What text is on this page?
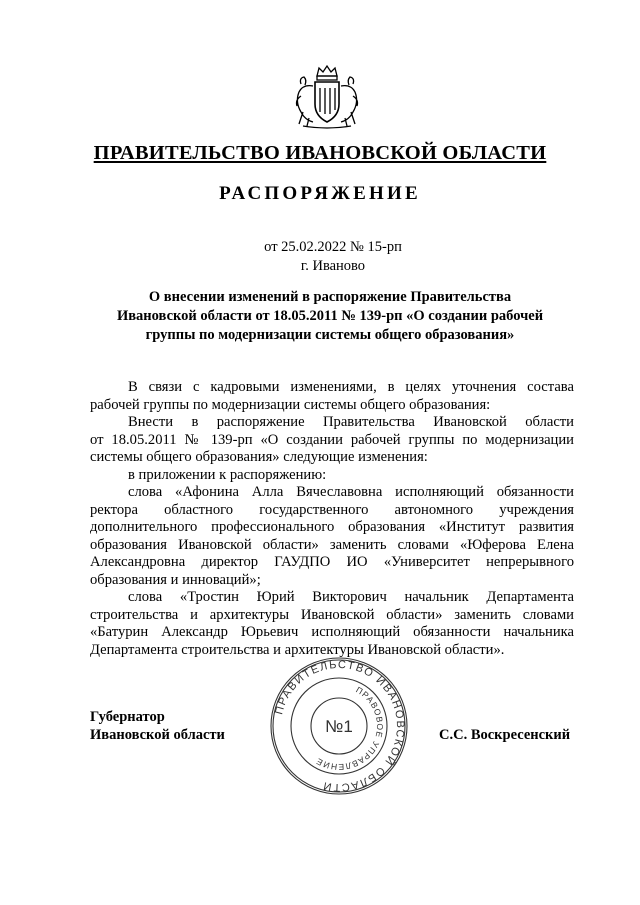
ПРАВИТЕЛЬСТВО ИВАНОВСКОЙ ОБЛАСТИ
РАСПОРЯЖЕНИЕ
от 25.02.2022 № 15-рп
г. Иваново
О внесении изменений в распоряжение Правительства
Ивановской области от 18.05.2011 № 139-рп «О создании рабочей
группы по модернизации системы общего образования»
В связи с кадровыми изменениями, в целях уточнения состава
рабочей группы по модернизации системы общего образования:
Внести в распоряжение Правительства Ивановской области
от 18.05.2011 № 139-рп «О создании рабочей группы по модернизации
системы общего образования» следующие изменения:
в приложении к распоряжению:
слова «Афонина Алла Вячеславовна исполняющий обязанности
ректора областного государственного автономного учреждения
дополнительного профессионального образования «Институт развития
образования Ивановской области» заменить словами «Юферова Елена
Александровна директор ГАУДПО ИО «Университет непрерывного
образования и инноваций»;
слова «Тростин Юрий Викторович начальник Департамента
строительства и архитектуры Ивановской области» заменить словами
«Батурин Александр Юрьевич исполняющий обязанности начальника
Департамента строительства и архитектуры Ивановской области».
Губернатор
Ивановской области	С.С. Воскресенский
ПРАВИТЕЛЬСТВО ИВАНОВСКОЙ ОБЛАСТИ
ПРАВОВОЕ УПРАВЛЕНИЕ
№1
